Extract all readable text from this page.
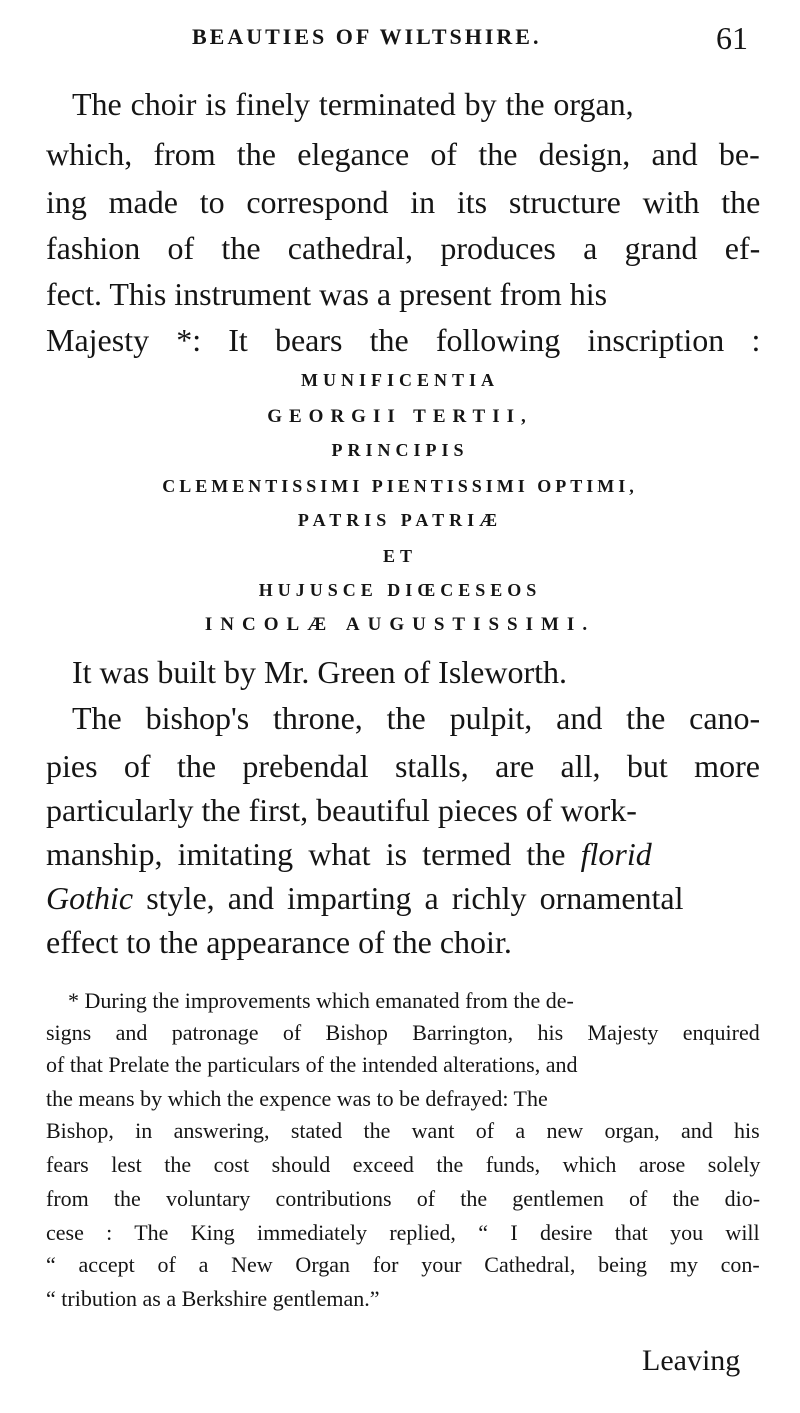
BEAUTIES OF WILTSHIRE.	61
The choir is finely terminated by the organ,
which, from the elegance of the design, and be-
ing made to correspond in its structure with the
fashion of the cathedral, produces a grand ef-
fect. This instrument was a present from his
Majesty *: It bears the following inscription :
MUNIFICENTIA
GEORGII TERTII,
PRINCIPIS
CLEMENTISSIMI PIENTISSIMI OPTIMI,
PATRIS PATRIÆ
ET
HUJUSCE DIŒCESEOS
INCOLÆ AUGUSTISSIMI.
It was built by Mr. Green of Isleworth.
The bishop's throne, the pulpit, and the cano-
pies of the prebendal stalls, are all, but more
particularly the first, beautiful pieces of work-
manship, imitating what is termed the florid
Gothic style, and imparting a richly ornamental
effect to the appearance of the choir.
* During the improvements which emanated from the de-
signs and patronage of Bishop Barrington, his Majesty enquired
of that Prelate the particulars of the intended alterations, and
the means by which the expence was to be defrayed: The
Bishop, in answering, stated the want of a new organ, and his
fears lest the cost should exceed the funds, which arose solely
from the voluntary contributions of the gentlemen of the dio-
cese : The King immediately replied, “ I desire that you will
“ accept of a New Organ for your Cathedral, being my con-
“ tribution as a Berkshire gentleman.”
Leaving
